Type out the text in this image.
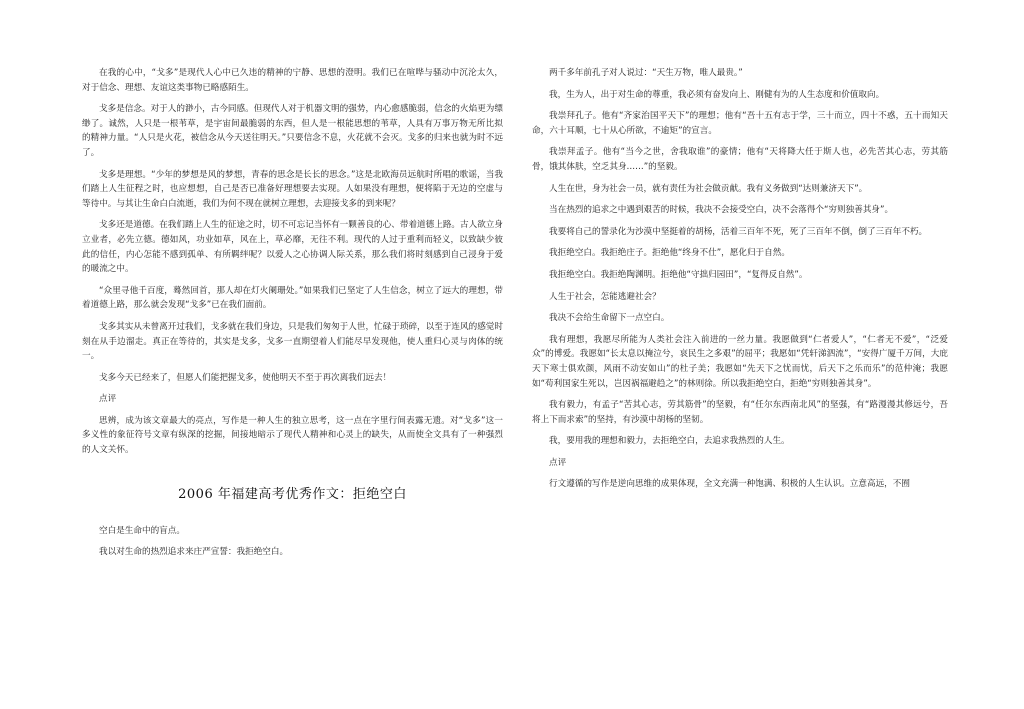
在我的心中，“戈多”是现代人心中已久违的精神的宁静、思想的澄明。我们已在喧哗与骚动中沉沦太久，对于信念、理想、友谊这类事物已略感陌生。

戈多是信念。对于人的渺小，古今同感。但现代人对于机器文明的强势，内心愈感脆弱，信念的火焰更为缥缈了。诚然，人只是一根苇草，是宇宙间最脆弱的东西，但人是一根能思想的苇草，人具有万事万物无所比拟的精神力量。“人只是火花，被信念从今天送往明天。”只要信念不息，火花就不会灭。戈多的归来也就为时不远了。

戈多是理想。“少年的梦想是风的梦想，青春的思念是长长的思念。”这是北欧海员远航时所唱的歌谣，当我们踏上人生征程之时，也应想想，自己是否已准备好理想要去实现。人如果没有理想，便将陷于无边的空虚与等待中。与其让生命白白流逝，我们为何不现在就树立理想，去迎接戈多的到来呢？

戈多还是道德。在我们踏上人生的征途之时，切不可忘记当怀有一颗善良的心、带着道德上路。古人欲立身立业者，必先立德。德如风，功业如草，风在上，草必靡，无往不利。现代的人过于重利而轻义，以致缺少彼此的信任，内心怎能不感到孤单、有所羁绊呢？以爱人之心协调人际关系，那么我们将时刻感到自己浸身于爱的暖流之中。

“众里寻他千百度，蓦然回首，那人却在灯火阑珊处。”如果我们已坚定了人生信念，树立了远大的理想，带着道德上路，那么就会发现“戈多”已在我们面前。

戈多其实从未曾离开过我们，戈多就在我们身边，只是我们匆匆于人世，忙碌于琐碎，以至于连风的感觉时刻在从手边溜走。真正在等待的，其实是戈多，戈多一直期望着人们能尽早发现他，使人重归心灵与肉体的统一。

戈多今天已经来了，但愿人们能把握戈多，使他明天不至于再次离我们远去！

点评

思辨，成为该文章最大的亮点，写作是一种人生的独立思考，这一点在字里行间表露无遗。对“戈多”这一多义性的象征符号文章有纵深的挖掘，间接地暗示了现代人精神和心灵上的缺失，从而使全文具有了一种强烈的人文关怀。

2006 年福建高考优秀作文：拒绝空白

空白是生命中的盲点。

我以对生命的热烈追求来庄严宣誓：我拒绝空白。

两千多年前孔子对人说过：“天生万物，唯人最贵。”

我，生为人，出于对生命的尊重，我必须有奋发向上、刚健有为的人生态度和价值取向。

我崇拜孔子。他有“齐家治国平天下”的理想；他有“吾十五有志于学，三十而立，四十不惑，五十而知天命，六十耳顺，七十从心所欲，不逾矩”的宣言。

我崇拜孟子。他有“当今之世，舍我取谁”的豪情；他有“天将降大任于斯人也，必先苦其心志，劳其筋骨，饿其体肤，空乏其身……”的坚毅。

人生在世，身为社会一员，就有责任为社会做贡献。我有义务做到“达则兼济天下”。

当在热烈的追求之中遇到艰苦的时候，我决不会接受空白，决不会落得个“穷则独善其身”。

我要将自己的誓录化为沙漠中坚挺着的胡杨，活着三百年不死，死了三百年不倒，倒了三百年不朽。

我拒绝空白。我拒绝庄子。拒绝他“终身不仕”，愿化归于自然。

我拒绝空白。我拒绝陶渊明。拒绝他“守拙归园田”，“复得反自然”。

人生于社会，怎能逃避社会？

我决不会给生命留下一点空白。

我有理想，我愿尽所能为人类社会注入前进的一丝力量。我愿做到“仁者爱人”，“仁者无不爱”，“泛爱众”的博爱。我愿如“长太息以掩泣兮，哀民生之多艰”的屈平；我愿如“凭轩涕泗流”，“安得广厦千万间，大庇天下寒士俱欢颜，风雨不动安如山”的杜子美；我愿如“先天下之忧而忧，后天下之乐而乐”的范仲淹；我愿如“苟利国家生死以，岂因祸福避趋之”的林则徐。所以我拒绝空白，拒绝“穷则独善其身”。

我有毅力，有孟子“苦其心志，劳其筋骨”的坚毅，有“任尔东西南北风”的坚强，有“路漫漫其修远兮，吾将上下而求索”的坚持，有沙漠中胡杨的坚韧。

我，要用我的理想和毅力，去拒绝空白，去追求我热烈的人生。

点评

行文遵循的写作是逆向思维的成果体现，全文充满一种饱满、积极的人生认识。立意高远，不囿
